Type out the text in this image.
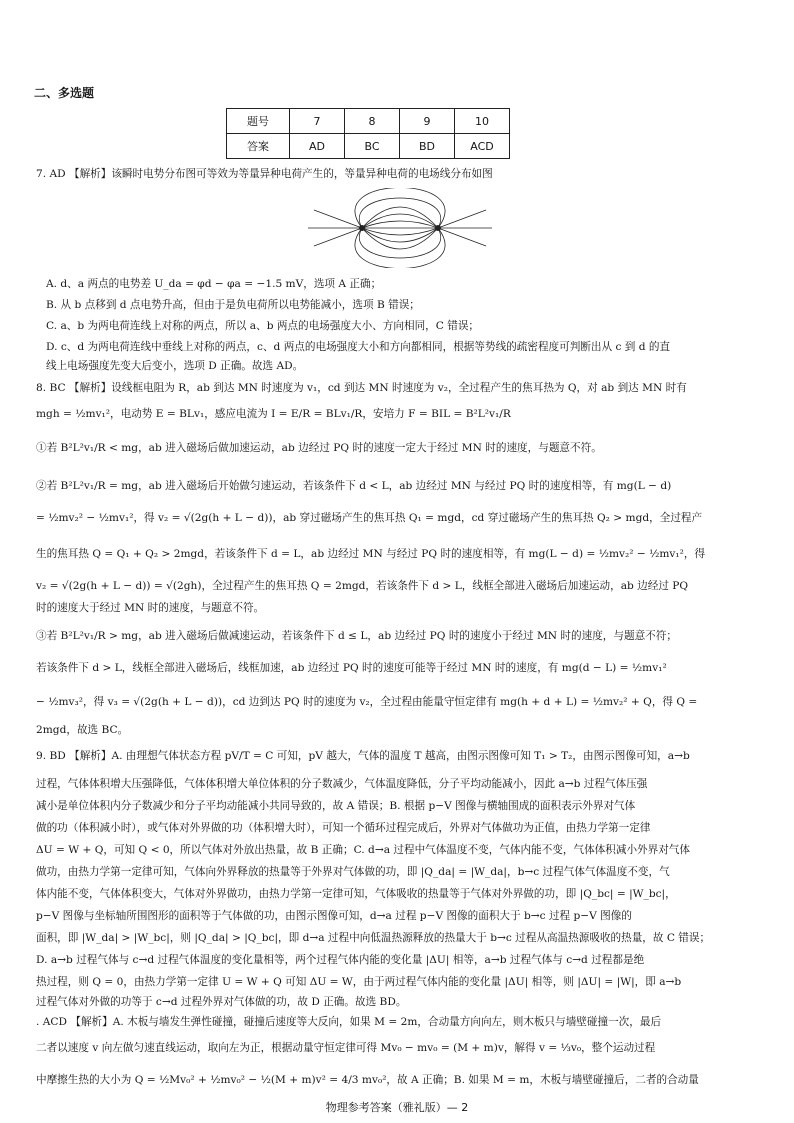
二、多选题
题号	7	8	9	10
答案	AD	BC	BD	ACD
7. AD 【解析】该瞬时电势分布图可等效为等量异种电荷产生的，等量异种电荷的电场线分布如图
A. d、a 两点的电势差 U_da = φd − φa = −1.5 mV，选项 A 正确；
B. 从 b 点移到 d 点电势升高，但由于是负电荷所以电势能减小，选项 B 错误；
C. a、b 为两电荷连线上对称的两点，所以 a、b 两点的电场强度大小、方向相同，C 错误；
D. c、d 为两电荷连线中垂线上对称的两点，c、d 两点的电场强度大小和方向都相同，根据等势线的疏密程度可判断出从 c 到 d 的直
线上电场强度先变大后变小，选项 D 正确。故选 AD。
8. BC 【解析】设线框电阻为 R，ab 到达 MN 时速度为 v₁，cd 到达 MN 时速度为 v₂，全过程产生的焦耳热为 Q，对 ab 到达 MN 时有
mgh = ½mv₁²，电动势 E = BLv₁，感应电流为 I = E/R = BLv₁/R，安培力 F = BIL = B²L²v₁/R
①若 B²L²v₁/R < mg，ab 进入磁场后做加速运动，ab 边经过 PQ 时的速度一定大于经过 MN 时的速度，与题意不符。
②若 B²L²v₁/R = mg，ab 进入磁场后开始做匀速运动，若该条件下 d < L，ab 边经过 MN 与经过 PQ 时的速度相等，有 mg(L − d)
= ½mv₂² − ½mv₁²，得 v₂ = √(2g(h + L − d))，ab 穿过磁场产生的焦耳热 Q₁ = mgd，cd 穿过磁场产生的焦耳热 Q₂ > mgd，全过程产
生的焦耳热 Q = Q₁ + Q₂ > 2mgd，若该条件下 d = L，ab 边经过 MN 与经过 PQ 时的速度相等，有 mg(L − d) = ½mv₂² − ½mv₁²，得
v₂ = √(2g(h + L − d)) = √(2gh)，全过程产生的焦耳热 Q = 2mgd，若该条件下 d > L，线框全部进入磁场后加速运动，ab 边经过 PQ
时的速度大于经过 MN 时的速度，与题意不符。
③若 B²L²v₁/R > mg，ab 进入磁场后做减速运动，若该条件下 d ≤ L，ab 边经过 PQ 时的速度小于经过 MN 时的速度，与题意不符；
若该条件下 d > L，线框全部进入磁场后，线框加速，ab 边经过 PQ 时的速度可能等于经过 MN 时的速度，有 mg(d − L) = ½mv₁²
− ½mv₃²，得 v₃ = √(2g(h + L − d))，cd 边到达 PQ 时的速度为 v₂，全过程由能量守恒定律有 mg(h + d + L) = ½mv₂² + Q，得 Q =
2mgd，故选 BC。
9. BD 【解析】A. 由理想气体状态方程 pV/T = C 可知，pV 越大，气体的温度 T 越高，由图示图像可知 T₁ > T₂，由图示图像可知，a→b
过程，气体体积增大压强降低，气体体积增大单位体积的分子数减少，气体温度降低，分子平均动能减小，因此 a→b 过程气体压强
减小是单位体积内分子数减少和分子平均动能减小共同导致的，故 A 错误；B. 根据 p−V 图像与横轴围成的面积表示外界对气体
做的功（体积减小时），或气体对外界做的功（体积增大时），可知一个循环过程完成后，外界对气体做功为正值，由热力学第一定律
ΔU = W + Q，可知 Q < 0，所以气体对外放出热量，故 B 正确；C. d→a 过程中气体温度不变，气体内能不变，气体体积减小外界对气体
做功，由热力学第一定律可知，气体向外界释放的热量等于外界对气体做的功，即 |Q_da| = |W_da|，b→c 过程气体气体温度不变，气
体内能不变，气体体积变大，气体对外界做功，由热力学第一定律可知，气体吸收的热量等于气体对外界做的功，即 |Q_bc| = |W_bc|，
p−V 图像与坐标轴所围图形的面积等于气体做的功，由图示图像可知，d→a 过程 p−V 图像的面积大于 b→c 过程 p−V 图像的
面积，即 |W_da| > |W_bc|，则 |Q_da| > |Q_bc|，即 d→a 过程中向低温热源释放的热量大于 b→c 过程从高温热源吸收的热量，故 C 错误；
D. a→b 过程气体与 c→d 过程气体温度的变化量相等，两个过程气体内能的变化量 |ΔU| 相等，a→b 过程气体与 c→d 过程都是绝
热过程，则 Q = 0，由热力学第一定律 U = W + Q 可知 ΔU = W，由于两过程气体内能的变化量 |ΔU| 相等，则 |ΔU| = |W|，即 a→b
过程气体对外做的功等于 c→d 过程外界对气体做的功，故 D 正确。故选 BD。
. ACD 【解析】A. 木板与墙发生弹性碰撞，碰撞后速度等大反向，如果 M = 2m，合动量方向向左，则木板只与墙壁碰撞一次，最后
二者以速度 v 向左做匀速直线运动，取向左为正，根据动量守恒定律可得 Mv₀ − mv₀ = (M + m)v，解得 v = ⅓v₀，整个运动过程
中摩擦生热的大小为 Q = ½Mv₀² + ½mv₀² − ½(M + m)v² = 4/3 mv₀²，故 A 正确；B. 如果 M = m，木板与墙壁碰撞后，二者的合动量
物理参考答案（雅礼版）— 2
